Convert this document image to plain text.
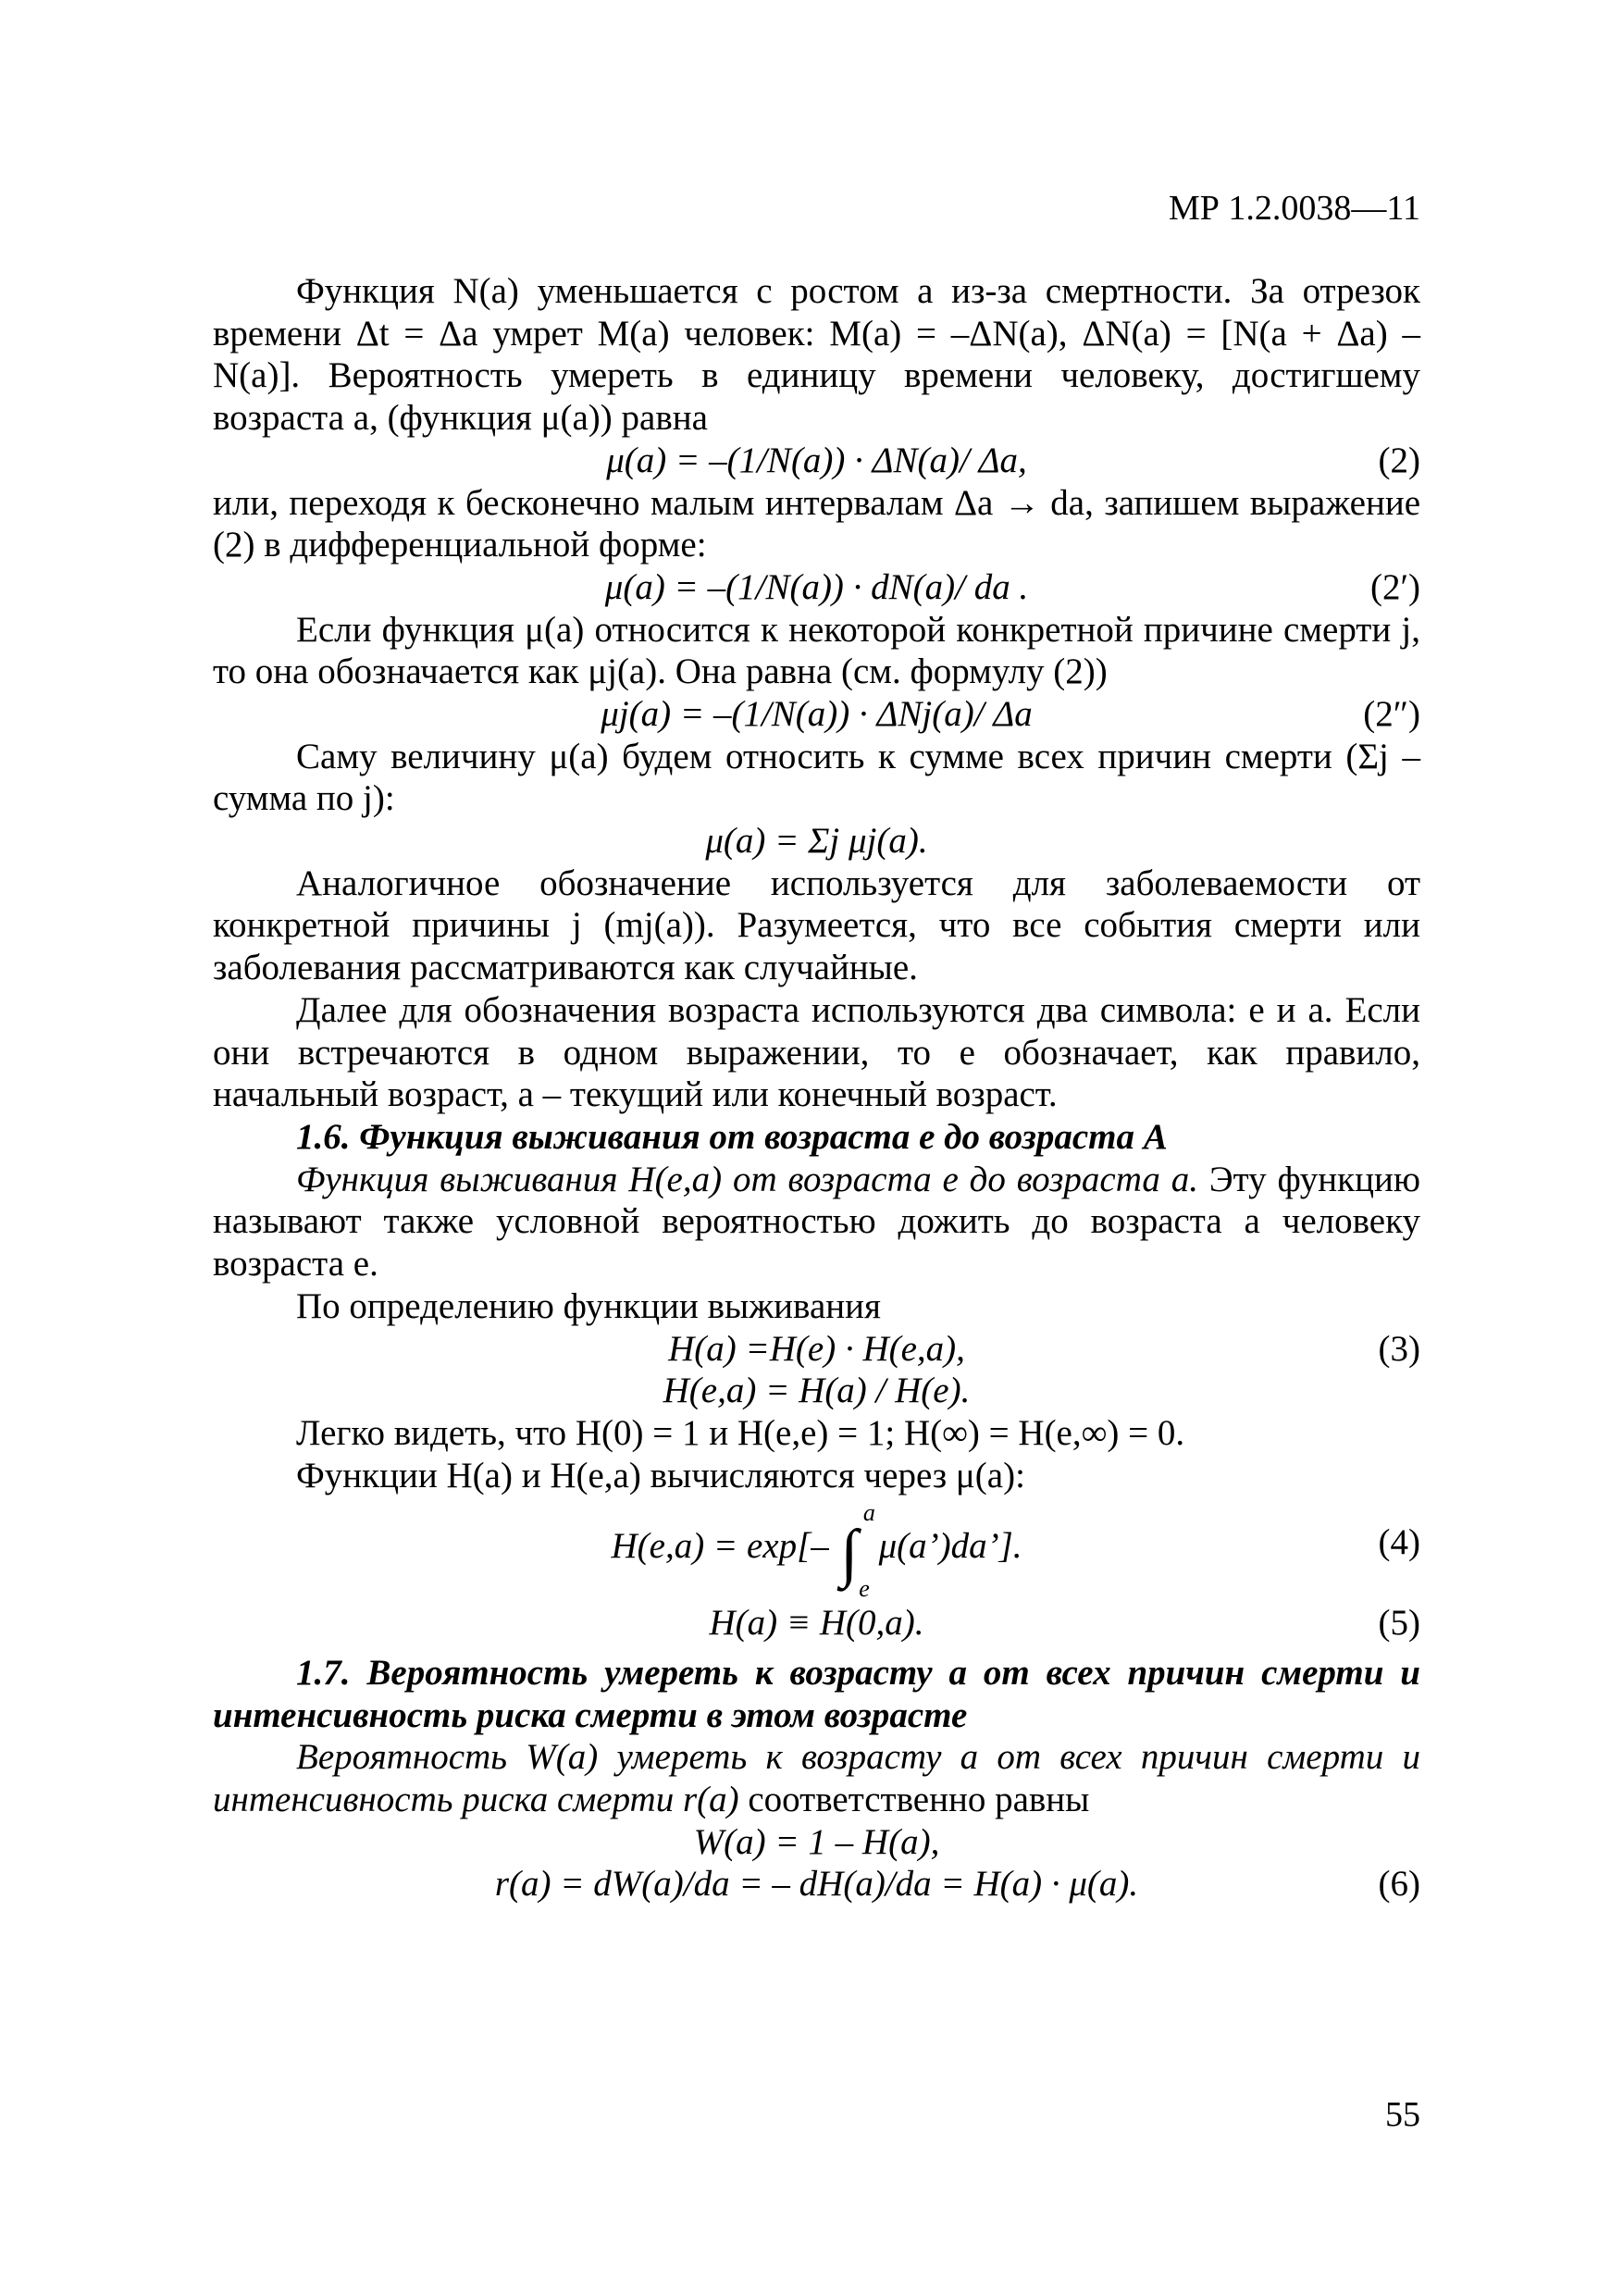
МР 1.2.0038—11

Функция N(a) уменьшается с ростом a из-за смертности. За отрезок времени Δt = Δa умрет M(a) человек: M(a) = –ΔN(a), ΔN(a) = [N(a + Δa) – N(a)]. Вероятность умереть в единицу времени человеку, достигшему возраста a, (функция μ(a)) равна

μ(a) = –(1/N(a)) · ΔN(a)/ Δa,	(2)

или, переходя к бесконечно малым интервалам Δa → da, запишем выражение (2) в дифференциальной форме:

μ(a) = –(1/N(a)) · dN(a)/ da .	(2′)

Если функция μ(a) относится к некоторой конкретной причине смерти j, то она обозначается как μj(a). Она равна (см. формулу (2))

μj(a) = –(1/N(a)) · ΔNj(a)/ Δa	(2″)

Саму величину μ(a) будем относить к сумме всех причин смерти (Σj – сумма по j):

μ(a) = Σj μj(a).

Аналогичное обозначение используется для заболеваемости от конкретной причины j (mj(a)). Разумеется, что все события смерти или заболевания рассматриваются как случайные.

Далее для обозначения возраста используются два символа: e и a. Если они встречаются в одном выражении, то e обозначает, как правило, начальный возраст, a – текущий или конечный возраст.

1.6. Функция выживания от возраста е до возраста A

Функция выживания H(e,a) от возраста e до возраста a. Эту функцию называют также условной вероятностью дожить до возраста a человеку возраста e.

По определению функции выживания

H(a) =H(e) · H(e,a),	(3)
H(e,a) = H(a) / H(e).

Легко видеть, что H(0) = 1 и H(e,e) = 1; H(∞) = H(e,∞) = 0.

Функции H(a) и H(e,a) вычисляются через μ(a):

H(e,a) = exp[– ∫
a
e
μ(a’)da’].	(4)
H(a) ≡ H(0,a).	(5)

1.7. Вероятность умереть к возрасту a от всех причин смерти и интенсивность риска смерти в этом возрасте

Вероятность W(a) умереть к возрасту a от всех причин смерти и интенсивность риска смерти r(a) соответственно равны

W(a) = 1 – H(a),
r(a) = dW(a)/da = – dH(a)/da = H(a) · μ(a).	(6)
55
